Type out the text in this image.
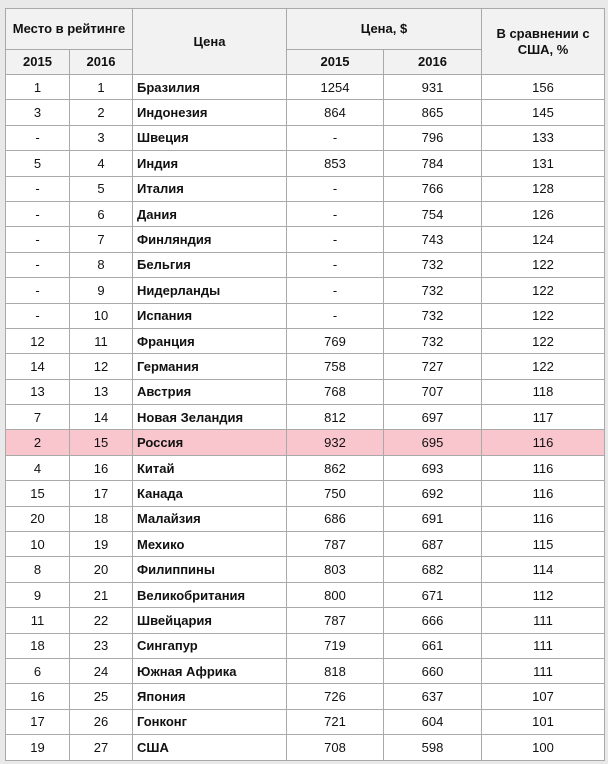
Место в рейтинге		Цена	Цена, $		В сравнении с США, %
2015	2016		2015	2016	
1	1	Бразилия	1254	931	156
3	2	Индонезия	864	865	145
-	3	Швеция	-	796	133
5	4	Индия	853	784	131
-	5	Италия	-	766	128
-	6	Дания	-	754	126
-	7	Финляндия	-	743	124
-	8	Бельгия	-	732	122
-	9	Нидерланды	-	732	122
-	10	Испания	-	732	122
12	11	Франция	769	732	122
14	12	Германия	758	727	122
13	13	Австрия	768	707	118
7	14	Новая Зеландия	812	697	117
2	15	Россия	932	695	116
4	16	Китай	862	693	116
15	17	Канада	750	692	116
20	18	Малайзия	686	691	116
10	19	Мехико	787	687	115
8	20	Филиппины	803	682	114
9	21	Великобритания	800	671	112
11	22	Швейцария	787	666	111
18	23	Сингапур	719	661	111
6	24	Южная Африка	818	660	111
16	25	Япония	726	637	107
17	26	Гонконг	721	604	101
19	27	США	708	598	100
